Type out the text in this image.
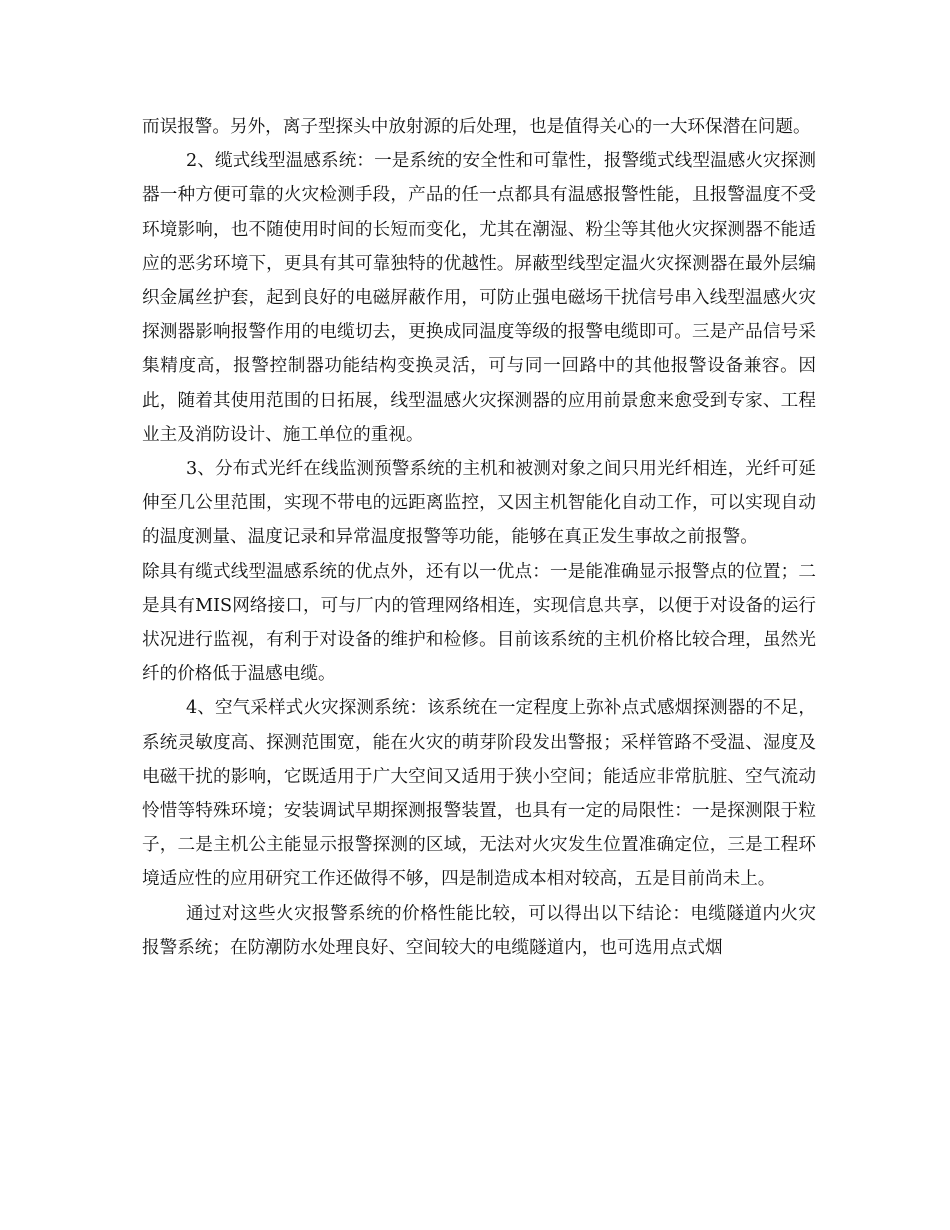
而误报警。另外，离子型探头中放射源的后处理，也是值得关心的一大环保潜在问题。

2、缆式线型温感系统：一是系统的安全性和可靠性，报警缆式线型温感火灾探测器一种方便可靠的火灾检测手段，产品的任一点都具有温感报警性能，且报警温度不受环境影响，也不随使用时间的长短而变化，尤其在潮湿、粉尘等其他火灾探测器不能适应的恶劣环境下，更具有其可靠独特的优越性。屏蔽型线型定温火灾探测器在最外层编织金属丝护套，起到良好的电磁屏蔽作用，可防止强电磁场干扰信号串入线型温感火灾探测器影响报警作用的电缆切去，更换成同温度等级的报警电缆即可。三是产品信号采集精度高，报警控制器功能结构变换灵活，可与同一回路中的其他报警设备兼容。因此，随着其使用范围的日拓展，线型温感火灾探测器的应用前景愈来愈受到专家、工程业主及消防设计、施工单位的重视。

3、分布式光纤在线监测预警系统的主机和被测对象之间只用光纤相连，光纤可延伸至几公里范围，实现不带电的远距离监控，又因主机智能化自动工作，可以实现自动的温度测量、温度记录和异常温度报警等功能，能够在真正发生事故之前报警。

除具有缆式线型温感系统的优点外，还有以一优点：一是能准确显示报警点的位置；二是具有MIS网络接口，可与厂内的管理网络相连，实现信息共享，以便于对设备的运行状况进行监视，有利于对设备的维护和检修。目前该系统的主机价格比较合理，虽然光纤的价格低于温感电缆。

4、空气采样式火灾探测系统：该系统在一定程度上弥补点式感烟探测器的不足，系统灵敏度高、探测范围宽，能在火灾的萌芽阶段发出警报；采样管路不受温、湿度及电磁干扰的影响，它既适用于广大空间又适用于狭小空间；能适应非常肮脏、空气流动怜惜等特殊环境；安装调试早期探测报警装置，也具有一定的局限性：一是探测限于粒子，二是主机公主能显示报警探测的区域，无法对火灾发生位置准确定位，三是工程环境适应性的应用研究工作还做得不够，四是制造成本相对较高，五是目前尚未上。

通过对这些火灾报警系统的价格性能比较，可以得出以下结论：电缆隧道内火灾报警系统；在防潮防水处理良好、空间较大的电缆隧道内，也可选用点式烟
